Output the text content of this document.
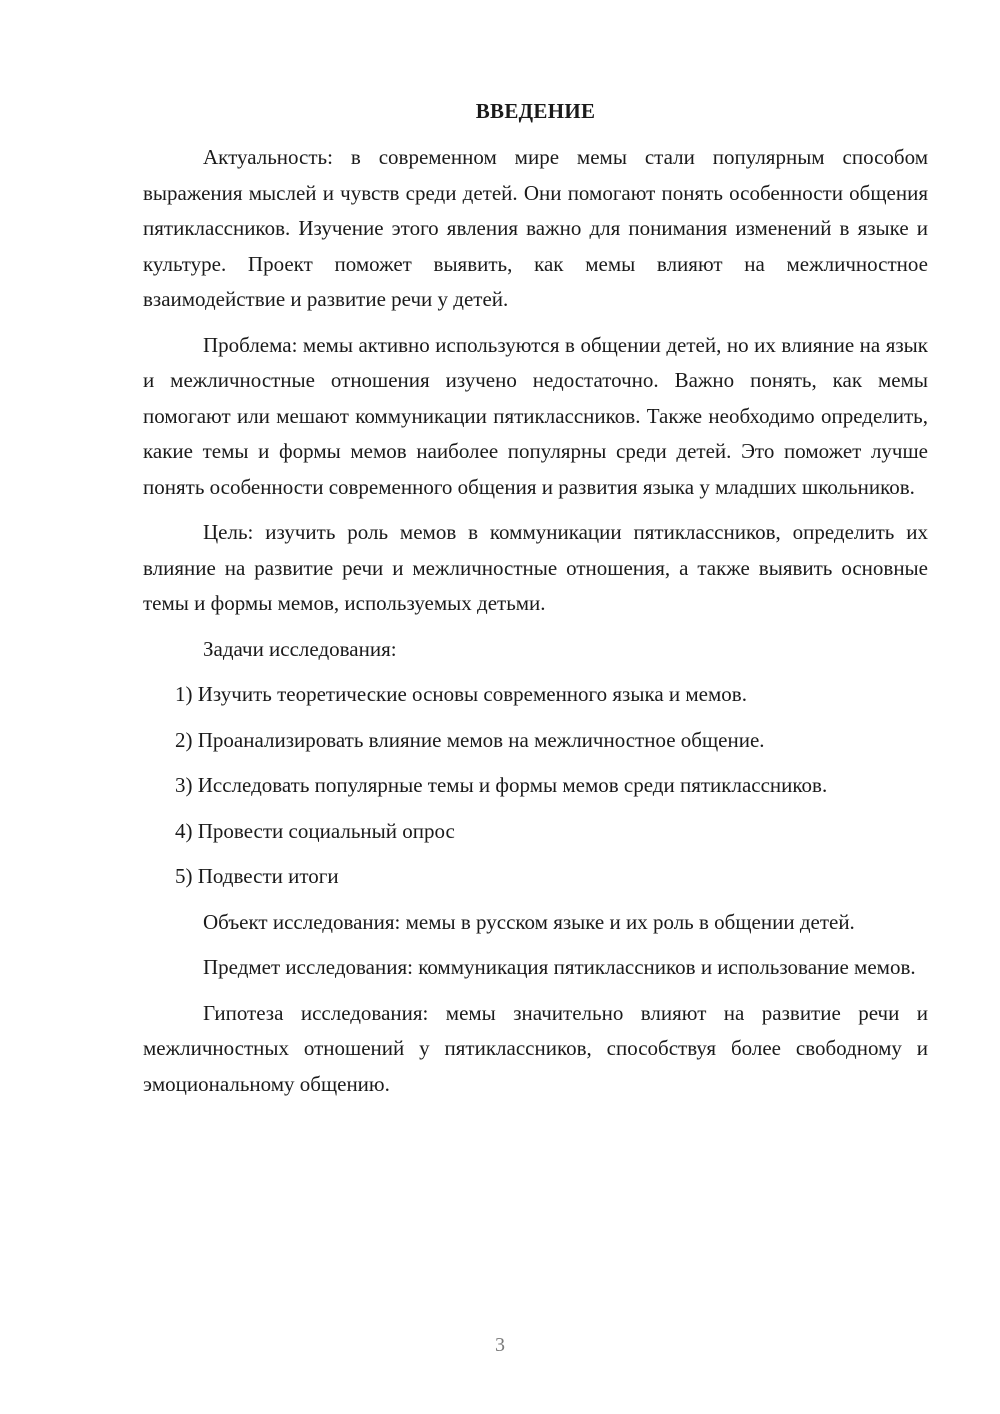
ВВЕДЕНИЕ

Актуальность: в современном мире мемы стали популярным способом выражения мыслей и чувств среди детей. Они помогают понять особенности общения пятиклассников. Изучение этого явления важно для понимания изменений в языке и культуре. Проект поможет выявить, как мемы влияют на межличностное взаимодействие и развитие речи у детей.

Проблема: мемы активно используются в общении детей, но их влияние на язык и межличностные отношения изучено недостаточно. Важно понять, как мемы помогают или мешают коммуникации пятиклассников. Также необходимо определить, какие темы и формы мемов наиболее популярны среди детей. Это поможет лучше понять особенности современного общения и развития языка у младших школьников.

Цель: изучить роль мемов в коммуникации пятиклассников, определить их влияние на развитие речи и межличностные отношения, а также выявить основные темы и формы мемов, используемых детьми.

Задачи исследования:

1) Изучить теоретические основы современного языка и мемов.

2) Проанализировать влияние мемов на межличностное общение.

3) Исследовать популярные темы и формы мемов среди пятиклассников.

4) Провести социальный опрос

5) Подвести итоги

Объект исследования: мемы в русском языке и их роль в общении детей.

Предмет исследования: коммуникация пятиклассников и использование мемов.

Гипотеза исследования: мемы значительно влияют на развитие речи и межличностных отношений у пятиклассников, способствуя более свободному и эмоциональному общению.

3
